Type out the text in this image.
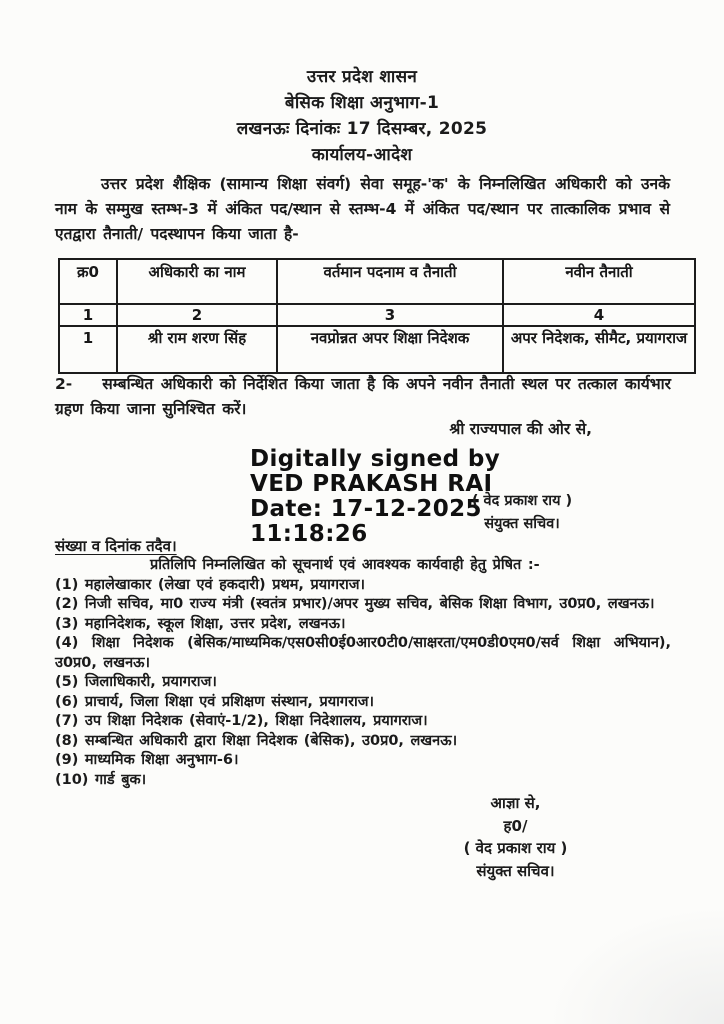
उत्तर प्रदेश शासन
बेसिक शिक्षा अनुभाग-1
लखनऊः दिनांकः 17 दिसम्बर, 2025
कार्यालय-आदेश

उत्तर प्रदेश शैक्षिक (सामान्य शिक्षा संवर्ग) सेवा समूह-'क' के निम्नलिखित अधिकारी को उनके नाम के सम्मुख स्तम्भ-3 में अंकित पद/स्थान से स्तम्भ-4 में अंकित पद/स्थान पर तात्कालिक प्रभाव से एतद्वारा तैनाती/ पदस्थापन किया जाता है-

क्र0	अधिकारी का नाम	वर्तमान पदनाम व तैनाती	नवीन तैनाती
1	2	3	4
1	श्री राम शरण सिंह	नवप्रोन्नत अपर शिक्षा निदेशक	अपर निदेशक, सीमैट, प्रयागराज

2- सम्बन्धित अधिकारी को निर्देशित किया जाता है कि अपने नवीन तैनाती स्थल पर तत्काल कार्यभार ग्रहण किया जाना सुनिश्चित करें।

श्री राज्यपाल की ओर से,
Digitally signed by
VED PRAKASH RAI
Date: 17-12-2025
11:18:26
( वेद प्रकाश राय )
संयुक्त सचिव।
संख्या व दिनांक तदैव।

प्रतिलिपि निम्नलिखित को सूचनार्थ एवं आवश्यक कार्यवाही हेतु प्रेषित :-

(1) महालेखाकार (लेखा एवं हकदारी) प्रथम, प्रयागराज।

(2) निजी सचिव, मा0 राज्य मंत्री (स्वतंत्र प्रभार)/अपर मुख्य सचिव, बेसिक शिक्षा विभाग, उ0प्र0, लखनऊ।

(3) महानिदेशक, स्कूल शिक्षा, उत्तर प्रदेश, लखनऊ।

(4) शिक्षा निदेशक (बेसिक/माध्यमिक/एस0सी0ई0आर0टी0/साक्षरता/एम0डी0एम0/सर्व शिक्षा अभियान), उ0प्र0, लखनऊ।

(5) जिलाधिकारी, प्रयागराज।

(6) प्राचार्य, जिला शिक्षा एवं प्रशिक्षण संस्थान, प्रयागराज।

(7) उप शिक्षा निदेशक (सेवाएं-1/2), शिक्षा निदेशालय, प्रयागराज।

(8) सम्बन्धित अधिकारी द्वारा शिक्षा निदेशक (बेसिक), उ0प्र0, लखनऊ।

(9) माध्यमिक शिक्षा अनुभाग-6।

(10) गार्ड बुक।

आज्ञा से,
ह0/
( वेद प्रकाश राय )
संयुक्त सचिव।
